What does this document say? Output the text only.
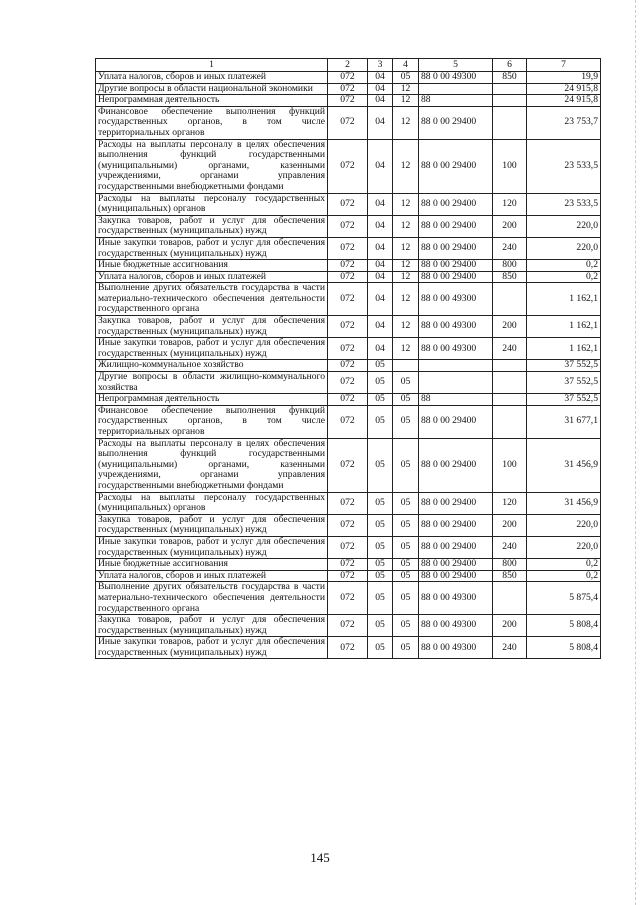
1	2	3	4	5	6	7
Уплата налогов, сборов и иных платежей	072	04	05	88 0 00 49300	850	19,9
Другие вопросы в области национальной экономики	072	04	12			24 915,8
Непрограммная деятельность	072	04	12	88		24 915,8
Финансовое обеспечение выполнения функций государственных органов, в том числе территориальных органов	072	04	12	88 0 00 29400		23 753,7
Расходы на выплаты персоналу в целях обеспечения выполнения функций государственными (муниципальными) органами, казенными учреждениями, органами управления государственными внебюджетными фондами	072	04	12	88 0 00 29400	100	23 533,5
Расходы на выплаты персоналу государственных (муниципальных) органов	072	04	12	88 0 00 29400	120	23 533,5
Закупка товаров, работ и услуг для обеспечения государственных (муниципальных) нужд	072	04	12	88 0 00 29400	200	220,0
Иные закупки товаров, работ и услуг для обеспечения государственных (муниципальных) нужд	072	04	12	88 0 00 29400	240	220,0
Иные бюджетные ассигнования	072	04	12	88 0 00 29400	800	0,2
Уплата налогов, сборов и иных платежей	072	04	12	88 0 00 29400	850	0,2
Выполнение других обязательств государства в части материально-технического обеспечения деятельности государственного органа	072	04	12	88 0 00 49300		1 162,1
Закупка товаров, работ и услуг для обеспечения государственных (муниципальных) нужд	072	04	12	88 0 00 49300	200	1 162,1
Иные закупки товаров, работ и услуг для обеспечения государственных (муниципальных) нужд	072	04	12	88 0 00 49300	240	1 162,1
Жилищно-коммунальное хозяйство	072	05				37 552,5
Другие вопросы в области жилищно-коммунального хозяйства	072	05	05			37 552,5
Непрограммная деятельность	072	05	05	88		37 552,5
Финансовое обеспечение выполнения функций государственных органов, в том числе территориальных органов	072	05	05	88 0 00 29400		31 677,1
Расходы на выплаты персоналу в целях обеспечения выполнения функций государственными (муниципальными) органами, казенными учреждениями, органами управления государственными внебюджетными фондами	072	05	05	88 0 00 29400	100	31 456,9
Расходы на выплаты персоналу государственных (муниципальных) органов	072	05	05	88 0 00 29400	120	31 456,9
Закупка товаров, работ и услуг для обеспечения государственных (муниципальных) нужд	072	05	05	88 0 00 29400	200	220,0
Иные закупки товаров, работ и услуг для обеспечения государственных (муниципальных) нужд	072	05	05	88 0 00 29400	240	220,0
Иные бюджетные ассигнования	072	05	05	88 0 00 29400	800	0,2
Уплата налогов, сборов и иных платежей	072	05	05	88 0 00 29400	850	0,2
Выполнение других обязательств государства в части материально-технического обеспечения деятельности государственного органа	072	05	05	88 0 00 49300		5 875,4
Закупка товаров, работ и услуг для обеспечения государственных (муниципальных) нужд	072	05	05	88 0 00 49300	200	5 808,4
Иные закупки товаров, работ и услуг для обеспечения государственных (муниципальных) нужд	072	05	05	88 0 00 49300	240	5 808,4
145
